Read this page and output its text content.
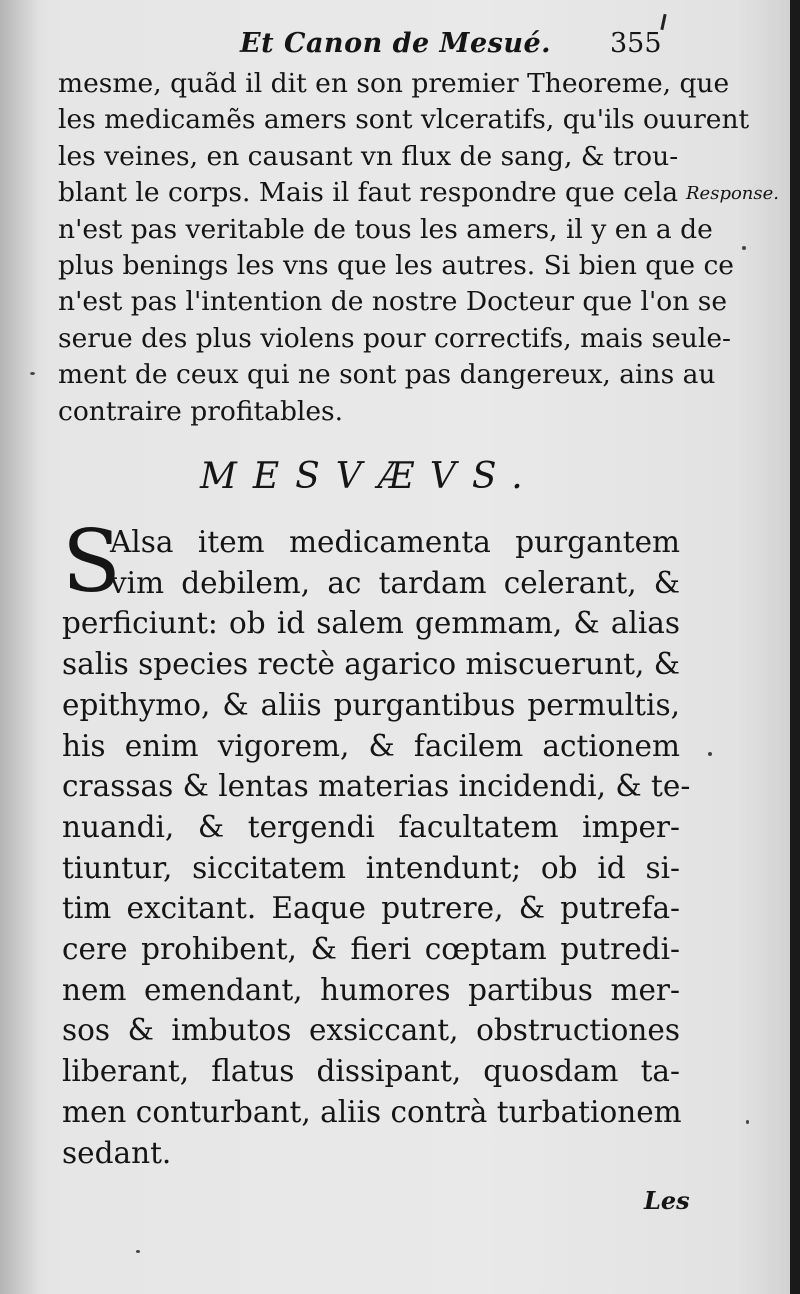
Et Canon de Mesué. 355
mesme, quãd il dit en son premier Theoreme, que
les medicamẽs amers sont vlceratifs, qu'ils ouurent
les veines, en causant vn flux de sang, & trou-
blant le corps. Mais il faut respondre que cela
n'est pas veritable de tous les amers, il y en a de
plus benings les vns que les autres. Si bien que ce
n'est pas l'intention de nostre Docteur que l'on se
serue des plus violens pour correctifs, mais seule-
ment de ceux qui ne sont pas dangereux, ains au
contraire profitables.
Response.
MESVÆVS.
S
Alsa item medicamenta purgantem
vim debilem, ac tardam celerant, &
perficiunt: ob id salem gemmam, & alias
salis species rectè agarico miscuerunt, &
epithymo, & aliis purgantibus permultis,
his enim vigorem, & facilem actionem
crassas & lentas materias incidendi, & te-
nuandi, & tergendi facultatem imper-
tiuntur, siccitatem intendunt; ob id si-
tim excitant. Eaque putrere, & putrefa-
cere prohibent, & fieri cœptam putredi-
nem emendant, humores partibus mer-
sos & imbutos exsiccant, obstructiones
liberant, flatus dissipant, quosdam ta-
men conturbant, aliis contrà turbationem
sedant.
Les
